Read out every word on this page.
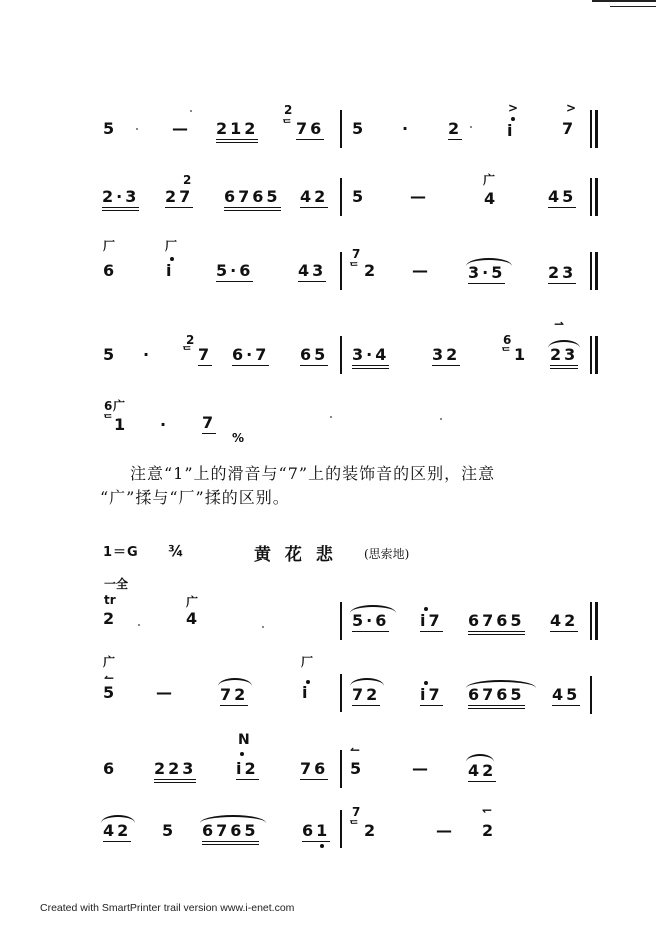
5	— 212
2
ᄃ 76 5 · 2
>
i
>
7
2·3
2
27 6765 42 5	—
广
4	45
厂
6
厂
i	5·6	43
7
ᄃ 2 — 3·5	23
5 ·
2
ᄃ 7 6·7 65 3·4	32
6
ᄃ 1
⇀
23
6 广
ᄃ 1 · 7
%
注意“1”上的滑音与“7”上的装饰音的区别，注意
“广”揉与“厂”揉的区别。
1＝G ¾	黄 花 悲 (思索地)
一全
tr
2
广
4	5·6 i7 6765 42
广
↼
5 —	72
厂
i	72 i7 6765 45
6 223
N
i2	76
↼
5	— 42
42 5 6765	61
7
ᄃ 2	—
↽
2
Created with SmartPrinter trail version www.i-enet.com
